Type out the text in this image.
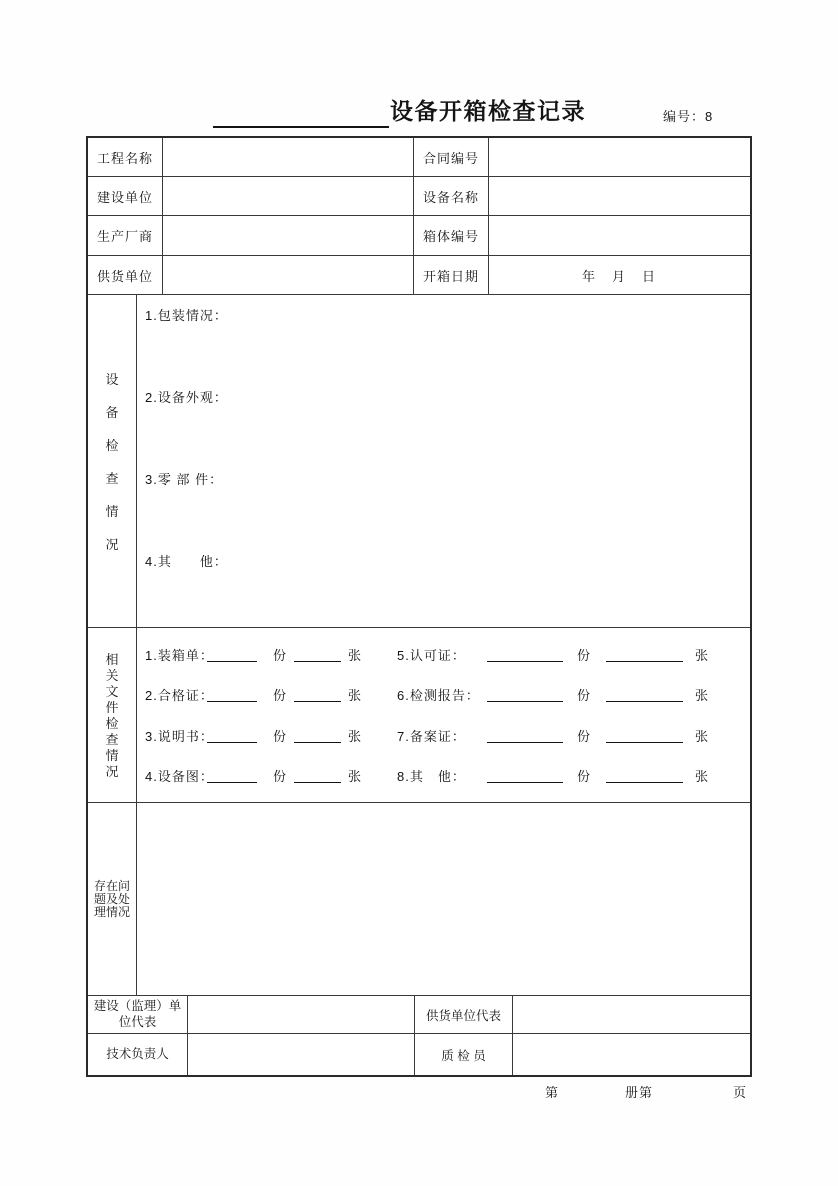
设备开箱检查记录	编号：8
工程名称	合同编号
建设单位	设备名称
生产厂商	箱体编号
供货单位	开箱日期	年　月　日
设
备
检
查
情
况
1.包装情况：
2.设备外观：
3.零 部 件：
4.其　　他：
相
关
文
件
检
查
情
况
1.装箱单：	份	张	5.认可证：	份	张
2.合格证：	份	张	6.检测报告：	份	张
3.说明书：	份	张	7.备案证：	份	张
4.设备图：	份	张	8.其　他：	份	张
存在问
题及处
理情况
建设（监理）单位代表	供货单位代表
技术负责人	质 检 员
第	册第	页
